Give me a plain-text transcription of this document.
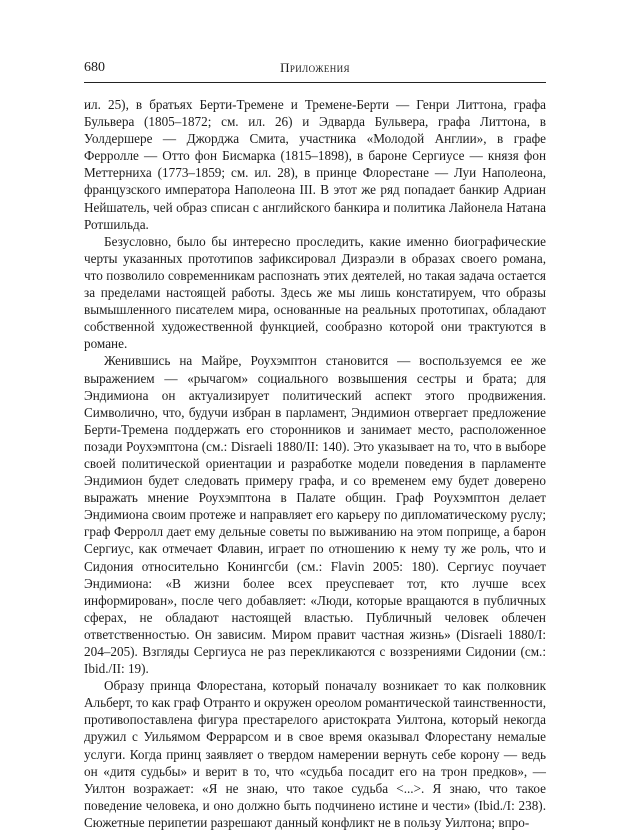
680	Приложения

ил. 25), в братьях Берти-Тремене и Тремене-Берти — Генри Литтона, графа Бульвера (1805–1872; см. ил. 26) и Эдварда Бульвера, графа Литтона, в Уолдершере — Джорджа Смита, участника «Молодой Англии», в графе Ферролле — Отто фон Бисмарка (1815–1898), в бароне Сергиусе — князя фон Меттерниха (1773–1859; см. ил. 28), в принце Флорестане — Луи Наполеона, французского императора Наполеона III. В этот же ряд попадает банкир Адриан Нейшатель, чей образ списан с английского банкира и политика Лайонела Натана Ротшильда.

Безусловно, было бы интересно проследить, какие именно биографические черты указанных прототипов зафиксировал Дизраэли в образах своего романа, что позволило современникам распознать этих деятелей, но такая задача остается за пределами настоящей работы. Здесь же мы лишь констатируем, что образы вымышленного писателем мира, основанные на реальных прототипах, обладают собственной художественной функцией, сообразно которой они трактуются в романе.

Женившись на Майре, Роухэмптон становится — воспользуемся ее же выражением — «рычагом» социального возвышения сестры и брата; для Эндимиона он актуализирует политический аспект этого продвижения. Символично, что, будучи избран в парламент, Эндимион отвергает предложение Берти-Тремена поддержать его сторонников и занимает место, расположенное позади Роухэмптона (см.: Disraeli 1880/II: 140). Это указывает на то, что в выборе своей политической ориентации и разработке модели поведения в парламенте Эндимион будет следовать примеру графа, и со временем ему будет доверено выражать мнение Роухэмптона в Палате общин. Граф Роухэмптон делает Эндимиона своим протеже и направляет его карьеру по дипломатическому руслу; граф Ферролл дает ему дельные советы по выживанию на этом поприще, а барон Сергиус, как отмечает Флавин, играет по отношению к нему ту же роль, что и Сидония относительно Конингсби (см.: Flavin 2005: 180). Сергиус поучает Эндимиона: «В жизни более всех преуспевает тот, кто лучше всех информирован», после чего добавляет: «Люди, которые вращаются в публичных сферах, не обладают настоящей властью. Публичный человек облечен ответственностью. Он зависим. Миром правит частная жизнь» (Disraeli 1880/I: 204–205). Взгляды Сергиуса не раз перекликаются с воззрениями Сидонии (см.: Ibid./II: 19).

Образу принца Флорестана, который поначалу возникает то как полковник Альберт, то как граф Отранто и окружен ореолом романтической таинственности, противопоставлена фигура престарелого аристократа Уилтона, который некогда дружил с Уильямом Феррарсом и в свое время оказывал Флорестану немалые услуги. Когда принц заявляет о твердом намерении вернуть себе корону — ведь он «дитя судьбы» и верит в то, что «судьба посадит его на трон предков», — Уилтон возражает: «Я не знаю, что такое судьба <...>. Я знаю, что такое поведение человека, и оно должно быть подчинено истине и чести» (Ibid./I: 238). Сюжетные перипетии разрешают данный конфликт не в пользу Уилтона; впро-
